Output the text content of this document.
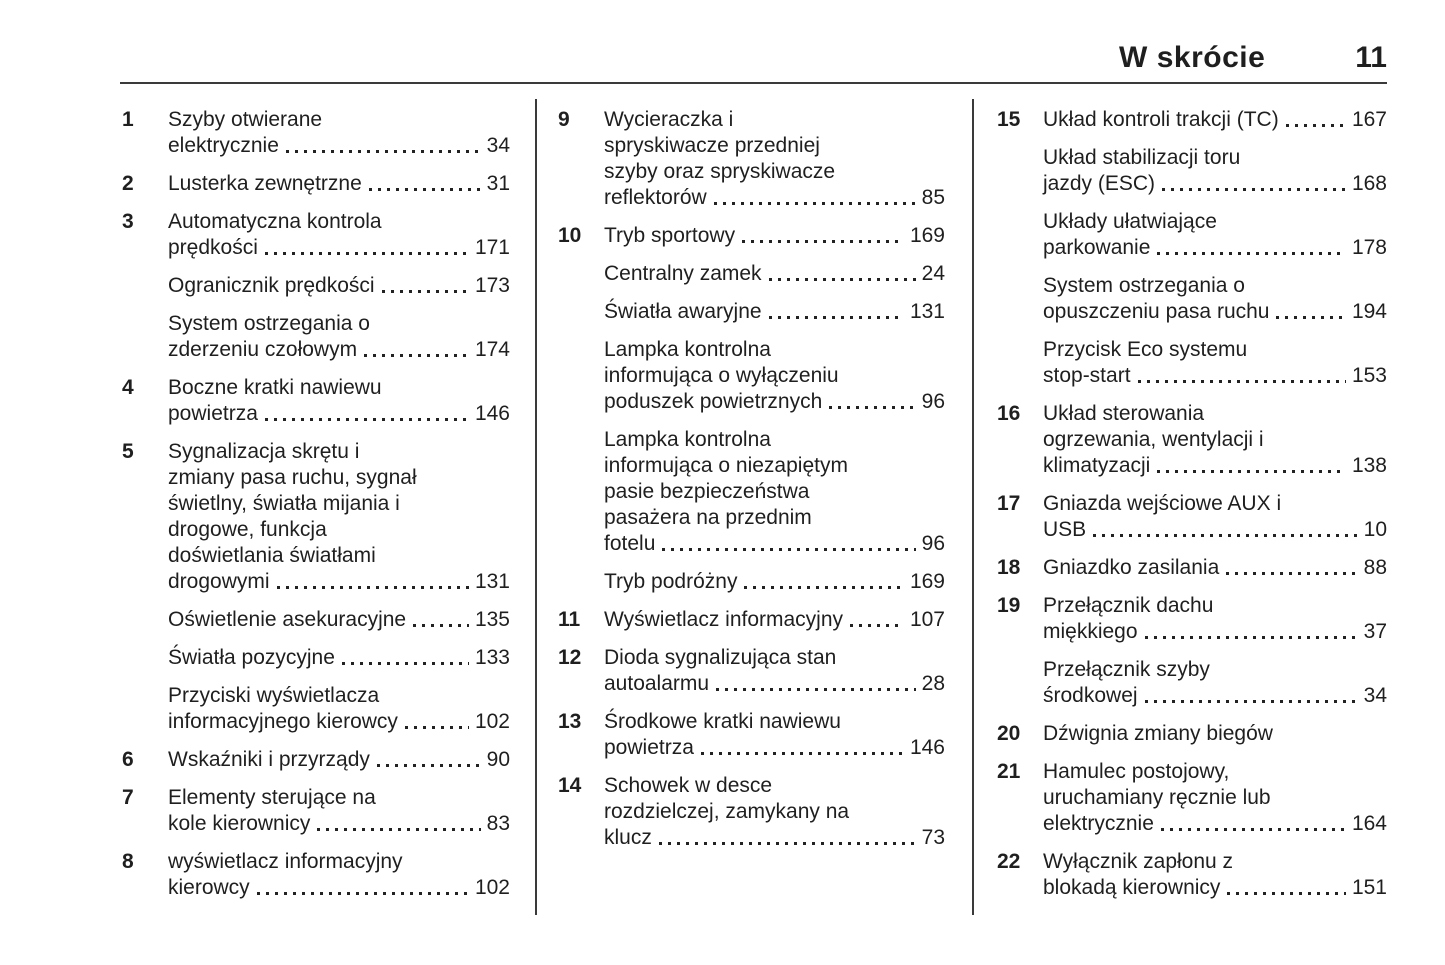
W skrócie	11
1 Szyby otwierane
elektrycznie	34
2 Lusterka zewnętrzne	31
3 Automatyczna kontrola
prędkości	171
Ogranicznik prędkości	173
System ostrzegania o
zderzeniu czołowym	174
4 Boczne kratki nawiewu
powietrza	146
5 Sygnalizacja skrętu i
zmiany pasa ruchu, sygnał
świetlny, światła mijania i
drogowe, funkcja
doświetlania światłami
drogowymi	131
Oświetlenie asekuracyjne	135
Światła pozycyjne	133
Przyciski wyświetlacza
informacyjnego kierowcy	102
6 Wskaźniki i przyrządy	90
7 Elementy sterujące na
kole kierownicy	83
8 wyświetlacz informacyjny
kierowcy	102
9 Wycieraczka i
spryskiwacze przedniej
szyby oraz spryskiwacze
reflektorów	85
10 Tryb sportowy	169
Centralny zamek	24
Światła awaryjne	131
Lampka kontrolna
informująca o wyłączeniu
poduszek powietrznych	96
Lampka kontrolna
informująca o niezapiętym
pasie bezpieczeństwa
pasażera na przednim
fotelu	96
Tryb podróżny	169
11 Wyświetlacz informacyjny	107
12 Dioda sygnalizująca stan
autoalarmu	28
13 Środkowe kratki nawiewu
powietrza	146
14 Schowek w desce
rozdzielczej, zamykany na
klucz	73
15 Układ kontroli trakcji (TC)	167
Układ stabilizacji toru
jazdy (ESC)	168
Układy ułatwiające
parkowanie	178
System ostrzegania o
opuszczeniu pasa ruchu	194
Przycisk Eco systemu
stop-start	153
16 Układ sterowania
ogrzewania, wentylacji i
klimatyzacji	138
17 Gniazda wejściowe AUX i
USB	10
18 Gniazdko zasilania	88
19 Przełącznik dachu
miękkiego	37
Przełącznik szyby
środkowej	34
20 Dźwignia zmiany biegów
21 Hamulec postojowy,
uruchamiany ręcznie lub
elektrycznie	164
22 Wyłącznik zapłonu z
blokadą kierownicy	151
